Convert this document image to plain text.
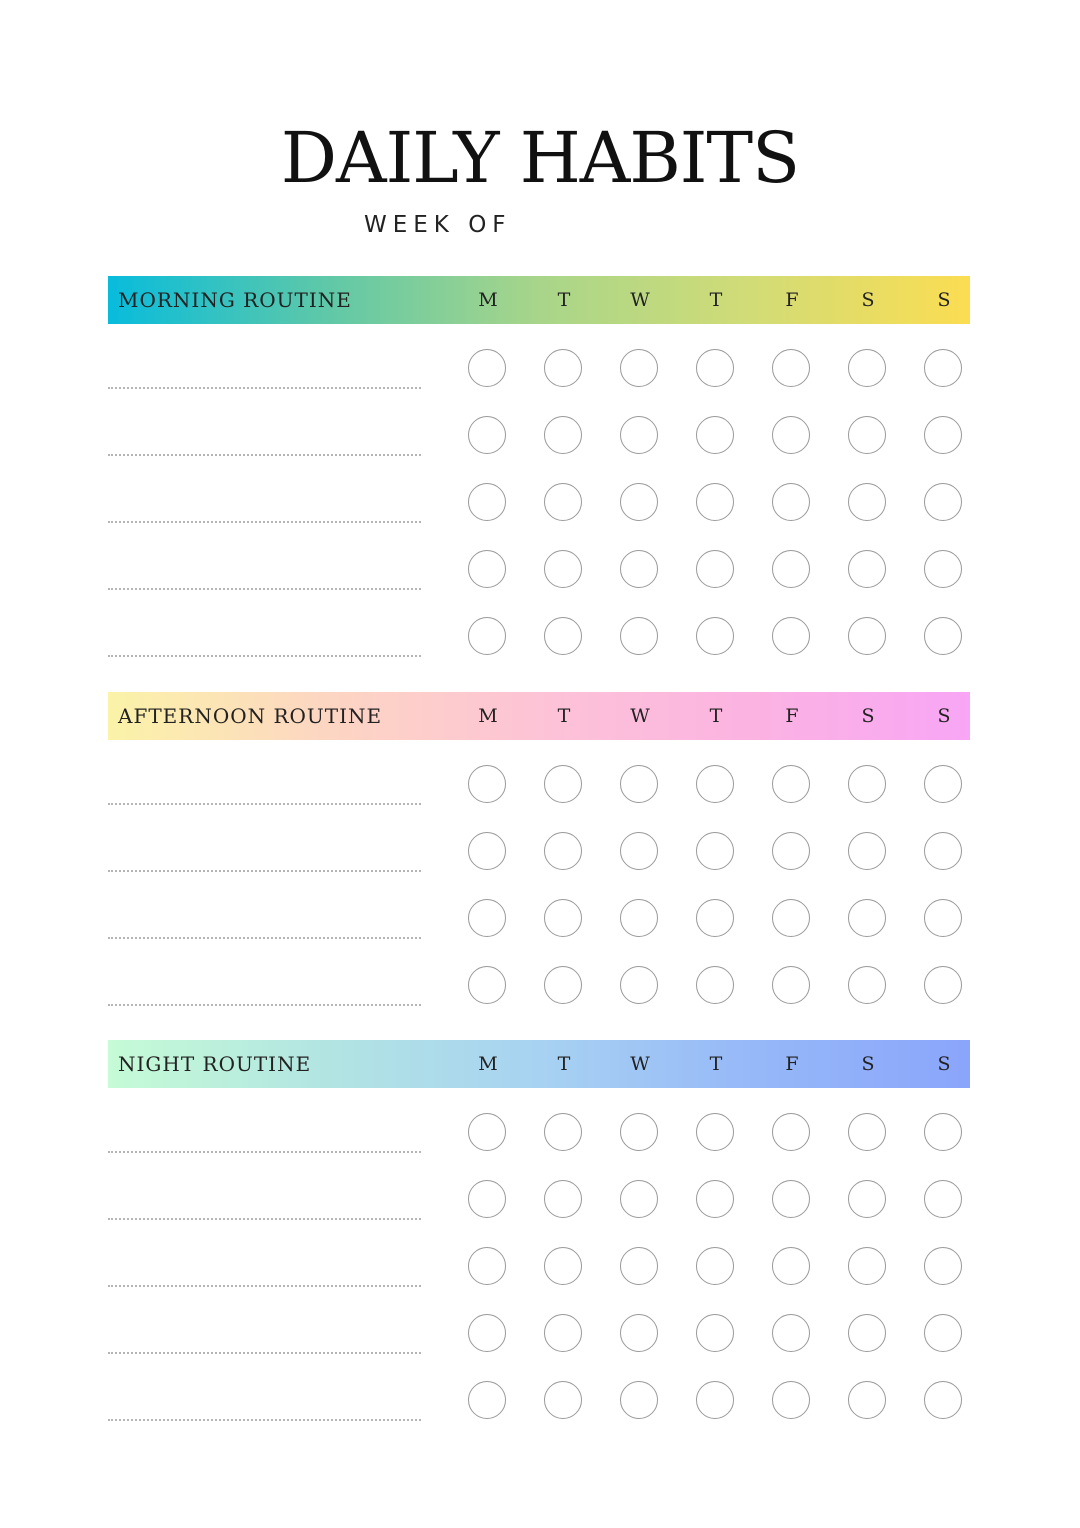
DAILY HABITS
WEEK OF
MORNING ROUTINE	M	T	W	T	F	S	S
AFTERNOON ROUTINE	M	T	W	T	F	S	S
NIGHT ROUTINE	M	T	W	T	F	S	S
